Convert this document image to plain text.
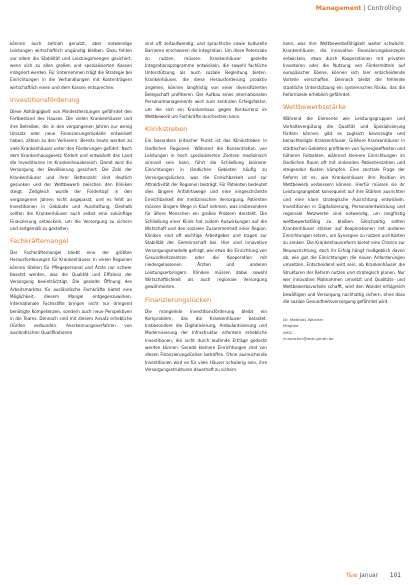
Management | Controlling

können auch zeitnah genutzt, aber notwendige Leistungen wirtschaftlich ungünstig bleiben. Dazu fehlen vor allem die Stabilität und Leistungsmengen gesichert, wenn sich zu allen großen und spezialisierten Kassen integriert werden. Für Unternehmen trägt die Strategie bei Einrichtungen in die Verhandlungen mit Kostenträgern wirtschaftlich einen und dem Kassen entsprechen.

Investitionsförderung

Diese Abhängigkeit von Mindestleistungen gefährdet den Fortbestand des Hauses. Die vielen Krankenhäuser und ihre Betreiber, die in den vergangenen Jahren nur wenig Umsatz oder neue Finanzierungsmodelle entwickelt haben, zählen zu den Verlierern. Bereits heute werden zu viele Krankenhäuser unter den Förderungen geführt. Nach dem Krankenhausgesetz fördert und entwickelt das Land die Investitionen im Krankenhausbereich. Damit wird die Versorgung der Bevölkerung gesichert. Die Zahl der Krankenhäuser und ihrer Bettenzahl sind deutlich gesunken und der Wettbewerb zwischen den Kliniken steigt. Zeitgleich wurde der Fördertopf in den vergangenen Jahren nicht angepasst, und es fehlt an Investitionen in Gebäude und Ausstattung. Deshalb sollten die Krankenhäuser auch selbst eine zukünftige Finanzierung entwickeln, um die Versorgung zu sichern und zeitgemäß zu gestalten.

Fachkräftemangel

Der Fachkräftemangel bleibt eine der größten Herausforderungen für Krankenhäuser. In vielen Regionen können Stellen für Pflegepersonal und Ärzte nur schwer besetzt werden, was die Qualität und Effizienz der Versorgung beeinträchtigt. Die gezielte Öffnung des Arbeitsmarktes für ausländische Fachkräfte bietet eine Möglichkeit, diesem Mangel entgegenzuwirken. Internationale Fachkräfte bringen nicht nur dringend benötigte Kompetenzen, sondern auch neue Perspektiven in die Teams. Dennoch sind mit diesem Ansatz erhebliche Hürden verbunden. Anerkennungsverfahren von ausländischen Qualifikationen

sind oft zeitaufwendig, und sprachliche sowie kulturelle Barrieren erschweren die Integration. Um diese Potenziale zu nutzen, müssen Krankenhäuser gezielte Integrationsprogramme entwickeln, die sowohl fachliche Unterstützung als auch soziale Begleitung bieten. Krankenhäuser, die diese Herausforderung proaktiv angehen, können langfristig von einer diversifizierten Belegschaft profitieren. Der Aufbau eines internationalen Personalmanagements wird zum zentralen Erfolgsfaktor, um die sich ein Krankenhaus gegen Konkurrenz im Wettbewerb um Fachkräfte durchsetzen kann.

Klinikstreben

Ein besonders kritischer Punkt ist das Klinikstreben in ländlichen Regionen. Während die Konzentration von Leistungen in hoch spezialisierten Zentren medizinisch sinnvoll sein kann, führt die Schließung kleinerer Einrichtungen in ländlichen Gebieten häufig zu Versorgungslücken, was die Erreichbarkeit und zur Attraktivität der Regionen beiträgt. Für Patienten bedeutet dies längere Anfahrtswege und eine eingeschränkte Erreichbarkeit der medizinischen Versorgung. Patienten müssen längere Wege in Kauf nehmen, was insbesondere für ältere Menschen ein großes Problem darstellt. Die Schließung einer Klinik hat zudem Auswirkungen auf die Wirtschaft und den sozialen Zusammenhalt einer Region. Kliniken sind oft wichtige Arbeitgeber und tragen zur Stabilität der Gemeinschaft bei. Hier sind innovative Versorgungsmodelle gefragt, wie etwa die Einrichtung von Gesundheitszentren oder die Kooperation mit niedergelassenen Ärzten und anderen Leistungserbringern. Kliniken müssen dabei sowohl Wirtschaftlichkeit als auch regionale Versorgung gewährleisten.

Finanzierungslücken

Die mangelnde Investitionsförderung bleibt ein Kernproblem, das die Krankenhäuser belastet. Insbesondere die Digitalisierung, Ambulantisierung und Modernisierung der Infrastruktur erfordern erhebliche Investitionen, die nicht durch laufende Erträge gedeckt werden können. Gerade kleinere Einrichtungen sind von diesen Finanzierungslücken betroffen. Ohne ausreichende Investitionen wird es für viele Häuser schwierig sein, ihre Versorgungsstrukturen dauerhaft zu sichern.

kann, was ihre Wettbewerbsfähigkeit weiter schwächt. Krankenhäuser, die innovative Finanzierungskonzepte entwickeln, etwa durch Kooperationen mit privaten Investoren oder die Nutzung von Fördermitteln auf europäischer Ebene, können sich hier entscheidende Vorteile verschaffen. Dennoch bleibt die fehlende staatliche Unterstützung ein systemisches Risiko, das die Reformziele erheblich gefährdet.

Wettbewerbsstärke

Während die Elemente wie Leistungsgruppen und Vorhaltevergütung die Qualität und Spezialisierung fördern können, gibt es zugleich bevorzugte und benachteiligte Krankenhäuser. Größere Krankenhäuser in städtischen Gebieten profitieren von Synergieeffekten und höheren Fallzahlen, während kleinere Einrichtungen im ländlichen Raum oft mit sinkenden Patientenzahlen und steigenden Kosten kämpfen. Eine zentrale Frage der Reform ist es, wie Krankenhäuser ihre Position im Wettbewerb verbessern können. Hierfür müssen sie ihr Leistungsangebot konsequent auf ihre Stärken ausrichten und eine klare strategische Ausrichtung entwickeln. Investitionen in Digitalisierung, Personalentwicklung und regionale Netzwerke sind notwendig, um langfristig wettbewerbsfähig zu bleiben. Gleichzeitig sollten Krankenhäuser stärker auf Kooperationen mit anderen Einrichtungen setzen, um Synergien zu nutzen und Kosten zu senken. Die Krankenhausreform bietet eine Chance zur Neuausrichtung, doch ihr Erfolg hängt maßgeblich davon ab, wie gut die Einrichtungen die neuen Anforderungen umsetzen. Entscheidend wird sein, ob Krankenhäuser die Strukturen der Reform nutzen und strategisch planen. Nur wer innovative Maßnahmen umsetzt und Qualitäts- und Wettbewerbsvorteile schafft, wird den Wandel erfolgreich bewältigen und Versorgung nachhaltig sichern, ohne dass die soziale Gesundheitsversorgung gefährdet wird.

Dr. Matthias Walcher
Mitglied
WDC
m.walcher@wdc-gmbh.de
f&w Januar 101
